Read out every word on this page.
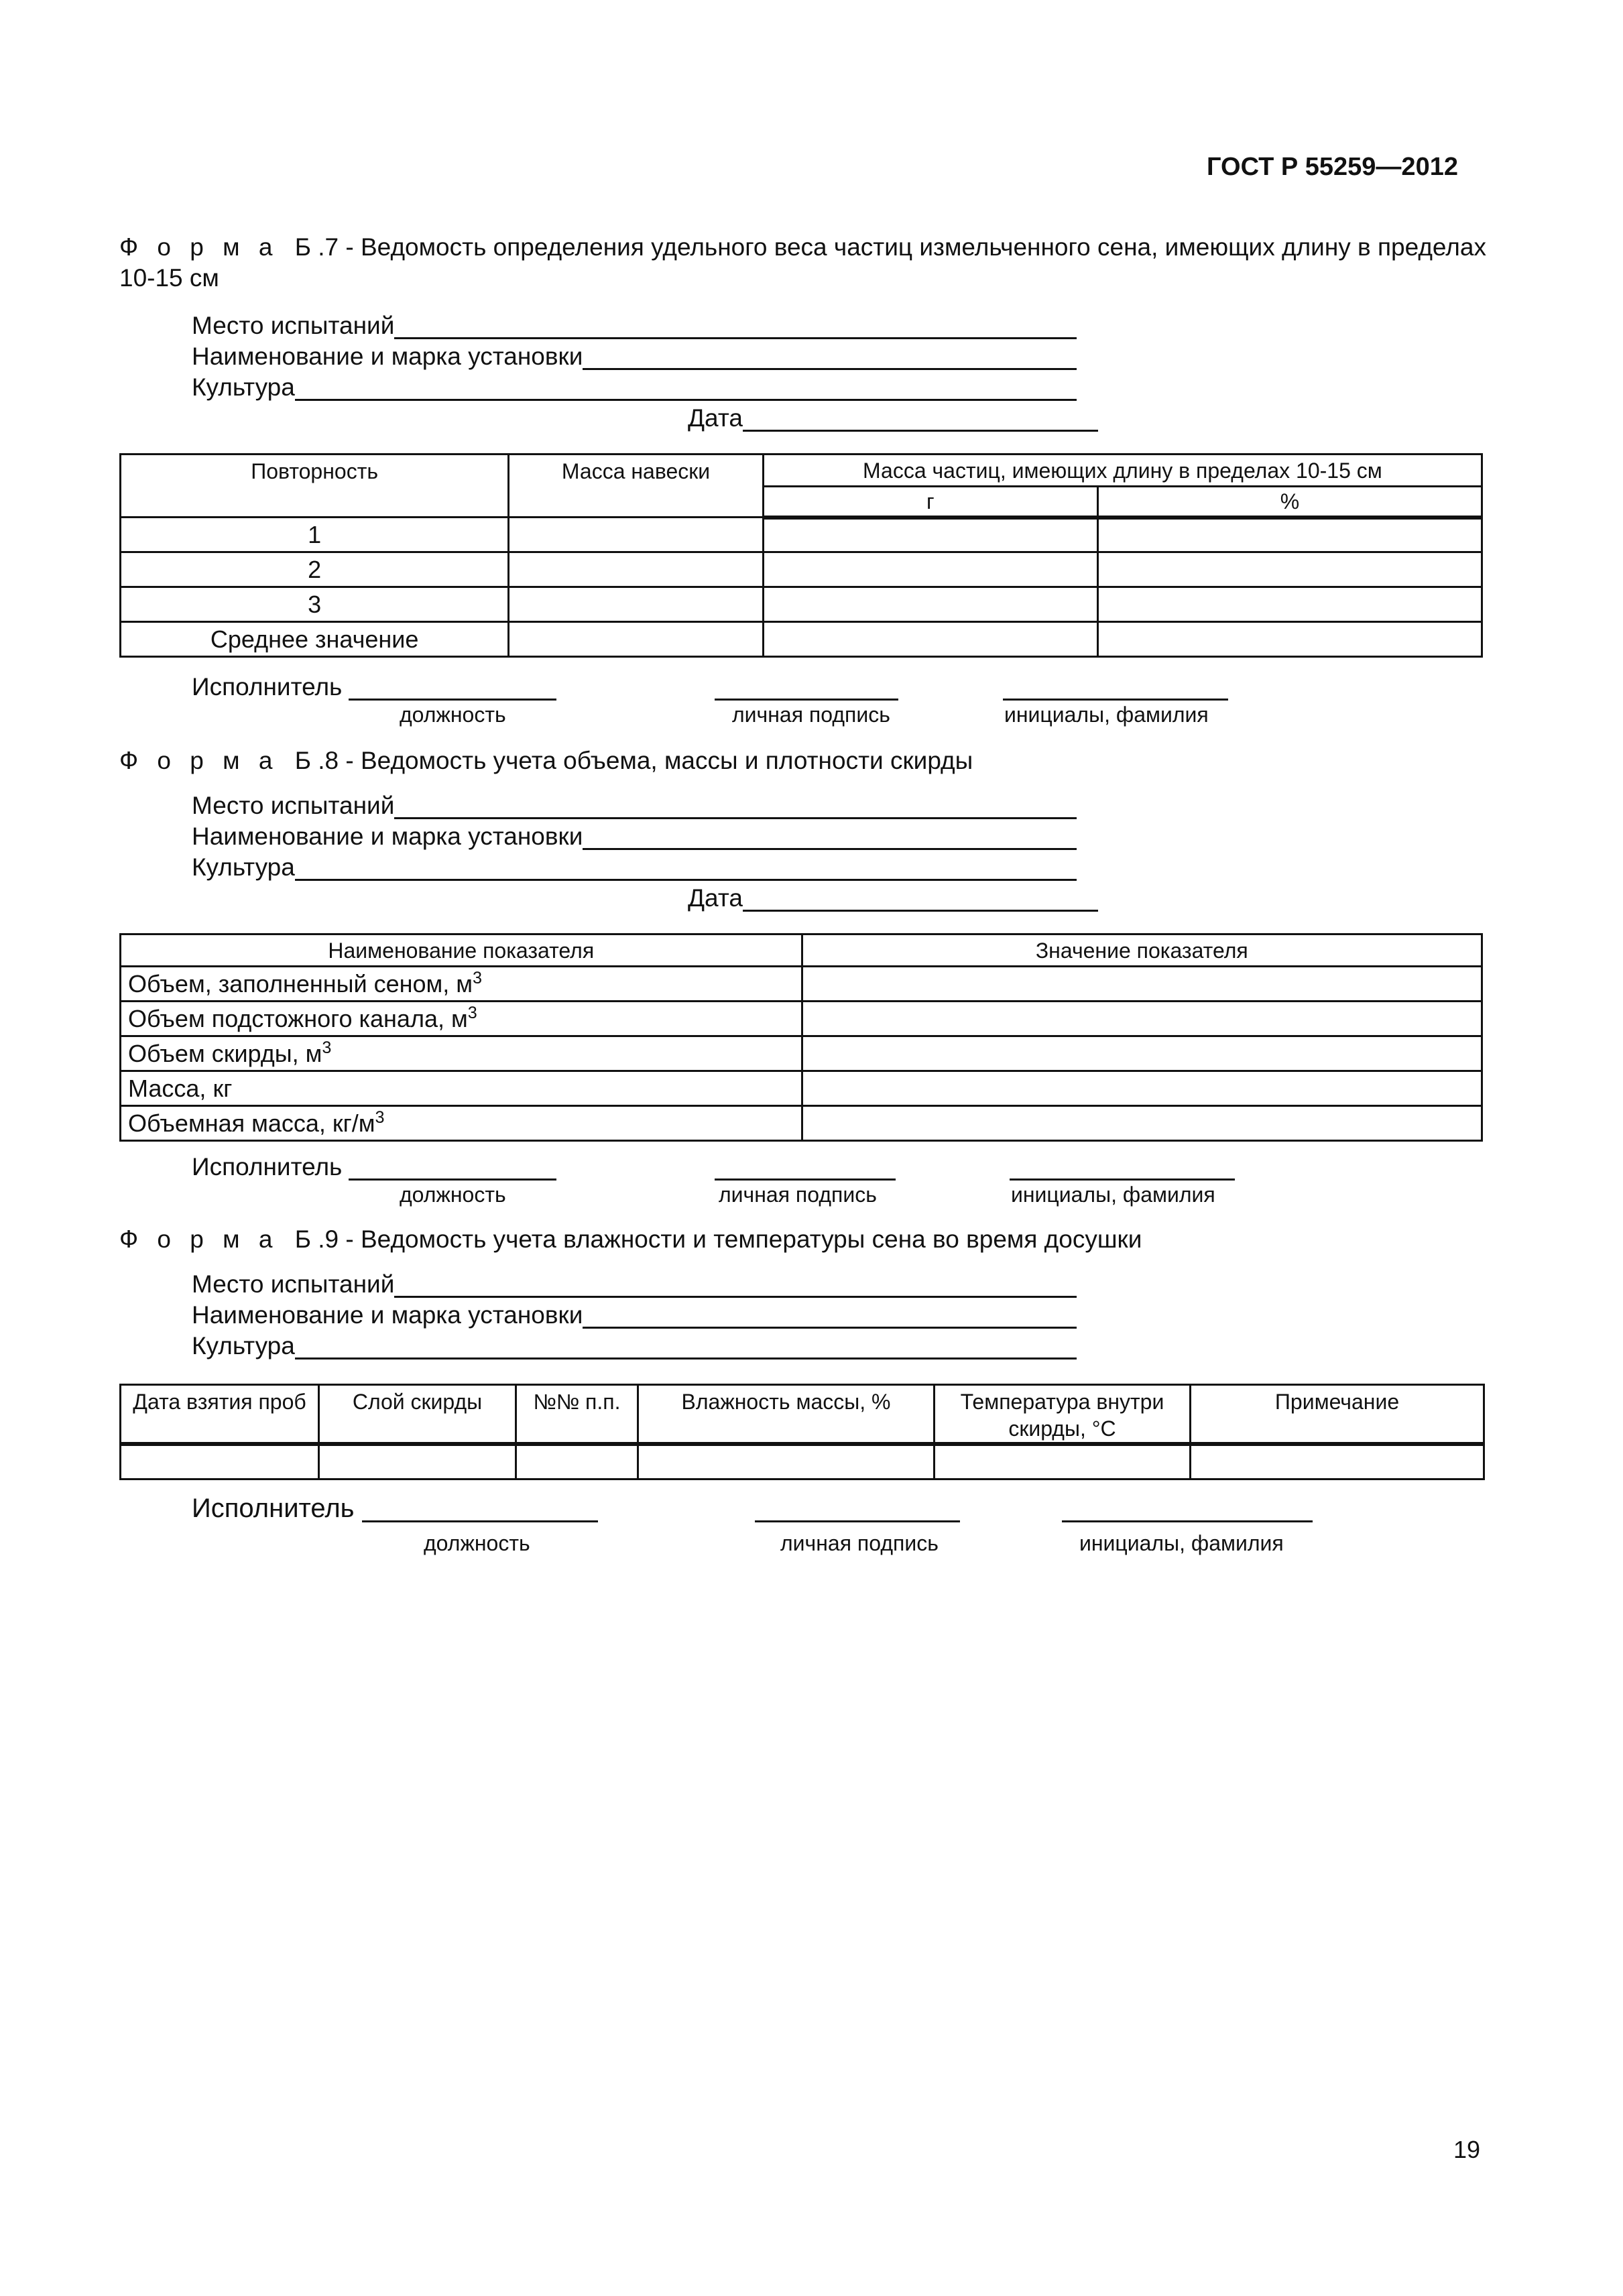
ГОСТ Р 55259—2012
Ф о р м а Б .7 - Ведомость определения удельного веса частиц измельченного сена, имеющих длину в пределах
10-15 см
Место испытаний
Наименование и марка установки
Культура
Дата
Повторность	Масса навески	Масса частиц, имеющих длину в пределах 10-15 см	
		г	%
1			
2			
3			
Среднее значение			
Исполнитель
должность	личная подпись	инициалы, фамилия
Ф о р м а Б .8 - Ведомость учета объема, массы и плотности скирды
Место испытаний
Наименование и марка установки
Культура
Дата
Наименование показателя	Значение показателя
Объем, заполненный сеном, $м^3$	
Объем подстожного канала, $м^3$	
Объем скирды, $м^3$	
Масса, кг	
Объемная масса, $кг/м^3$	
Исполнитель
должность	личная подпись	инициалы, фамилия
Ф о р м а Б .9 - Ведомость учета влажности и температуры сена во время досушки
Место испытаний
Наименование и марка установки
Культура
Дата взятия проб	Слой скирды	№№ п.п.	Влажность массы, %	Температура внутри скирды, °С	Примечание

Исполнитель
должность	личная подпись	инициалы, фамилия
19
